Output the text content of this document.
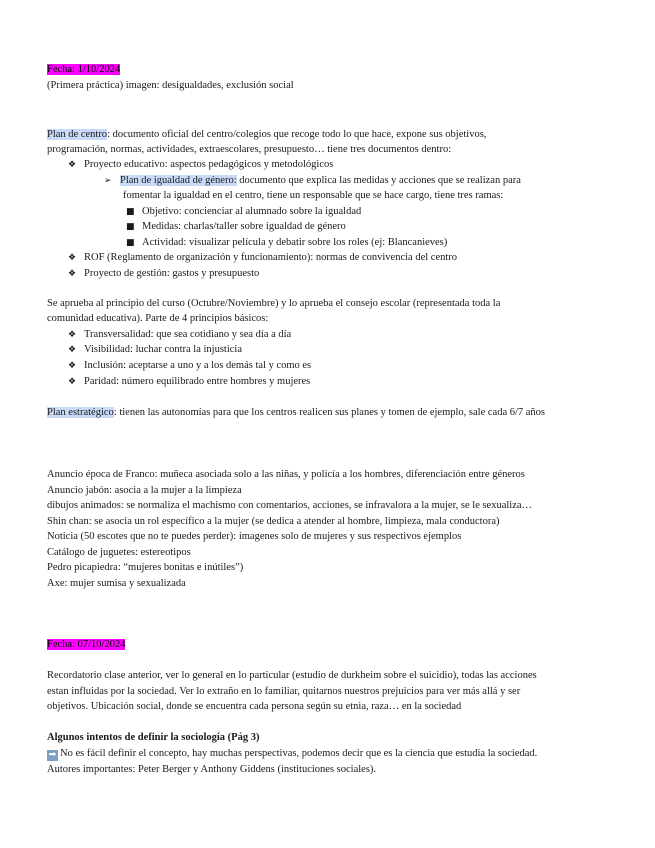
Fecha: 1/10/2024
(Primera práctica) imagen: desigualdades, exclusión social
Plan de centro: documento oficial del centro/colegios que recoge todo lo que hace, expone sus objetivos,
programación, normas, actividades, extraescolares, presupuesto… tiene tres documentos dentro:
❖ Proyecto educativo: aspectos pedagógicos y metodológicos
➢ Plan de igualdad de género: documento que explica las medidas y acciones que se realizan para
fomentar la igualdad en el centro, tiene un responsable que se hace cargo, tiene tres ramas:
■ Objetivo: concienciar al alumnado sobre la igualdad
■ Medidas: charlas/taller sobre igualdad de género
■ Actividad: visualizar película y debatir sobre los roles (ej: Blancanieves)
❖ ROF (Reglamento de organización y funcionamiento): normas de convivencia del centro
❖ Proyecto de gestión: gastos y presupuesto
Se aprueba al principio del curso (Octubre/Noviembre) y lo aprueba el consejo escolar (representada toda la
comunidad educativa). Parte de 4 principios básicos:
❖ Transversalidad: que sea cotidiano y sea día a día
❖ Visibilidad: luchar contra la injusticia
❖ Inclusión: aceptarse a uno y a los demás tal y como es
❖ Paridad: número equilibrado entre hombres y mujeres
Plan estratégico: tienen las autonomías para que los centros realicen sus planes y tomen de ejemplo, sale cada 6/7 años
Anuncio época de Franco: muñeca asociada solo a las niñas, y policía a los hombres, diferenciación entre géneros
Anuncio jabón: asocia a la mujer a la limpieza
dibujos animados: se normaliza el machismo con comentarios, acciones, se infravalora a la mujer, se le sexualiza…
Shin chan: se asocia un rol específico a la mujer (se dedica a atender al hombre, limpieza, mala conductora)
Noticia (50 escotes que no te puedes perder): imagenes solo de mujeres y sus respectivos ejemplos
Catálogo de juguetes: estereotipos
Pedro picapiedra: “mujeres bonitas e inútiles”)
Axe: mujer sumisa y sexualizada
Fecha: 07/10/2024
Recordatorio clase anterior, ver lo general en lo particular (estudio de durkheim sobre el suicidio), todas las acciones
estan influidas por la sociedad. Ver lo extraño en lo familiar, quitarnos nuestros prejuicios para ver más allá y ser
objetivos. Ubicación social, donde se encuentra cada persona según su etnia, raza… en la sociedad
Algunos intentos de definir la sociología (Pág 3)
➡ No es fácil definir el concepto, hay muchas perspectivas, podemos decir que es la ciencia que estudia la sociedad.
Autores importantes: Peter Berger y Anthony Giddens (instituciones sociales).
